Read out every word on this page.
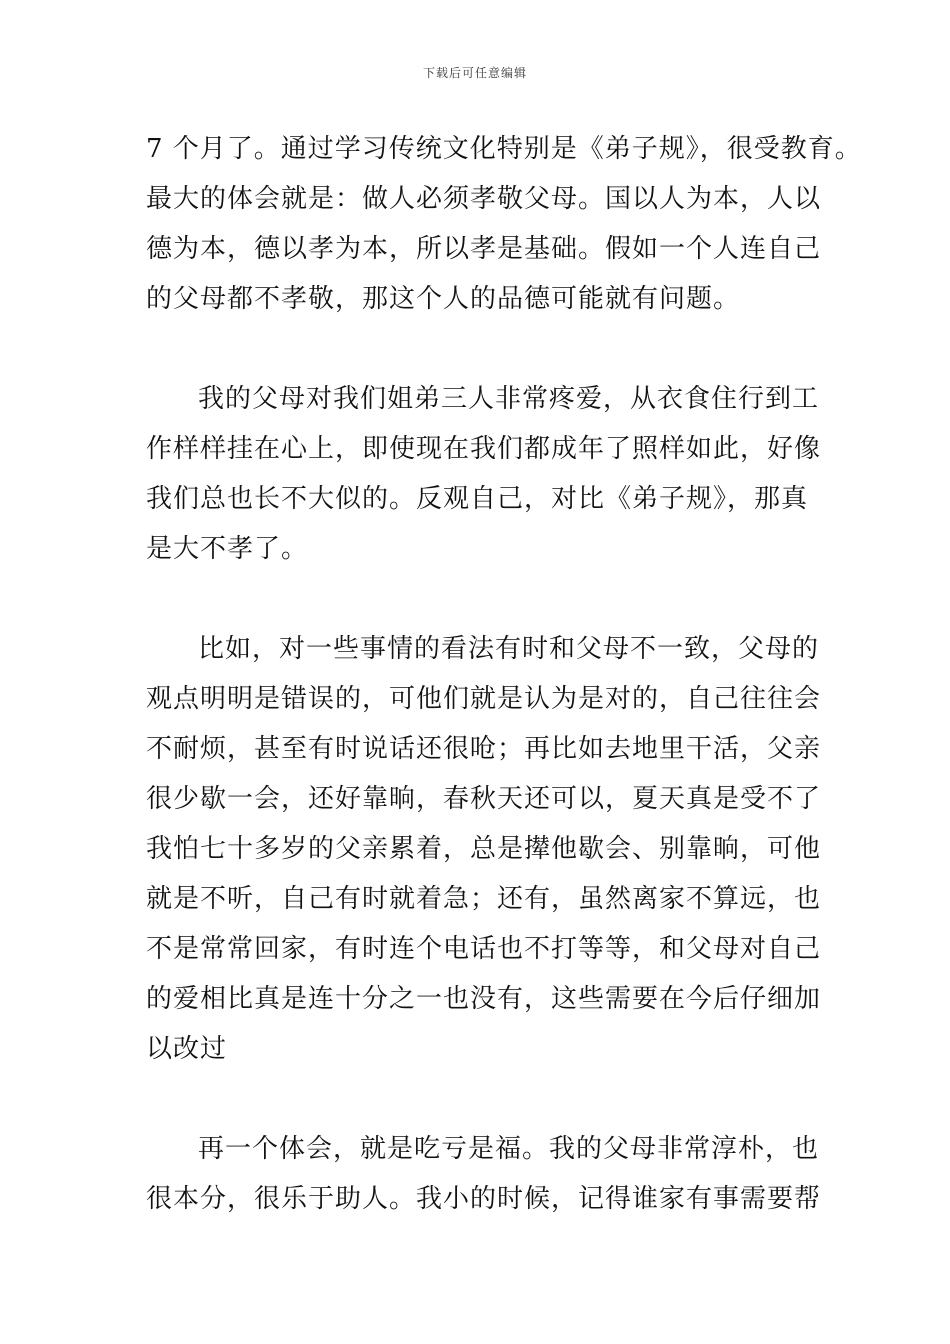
下载后可任意编辑
7 个月了。通过学习传统文化特别是《弟子规》，很受教育。
最大的体会就是：做人必须孝敬父母。国以人为本，人以
德为本，德以孝为本，所以孝是基础。假如一个人连自己
的父母都不孝敬，那这个人的品德可能就有问题。
我的父母对我们姐弟三人非常疼爱，从衣食住行到工
作样样挂在心上，即使现在我们都成年了照样如此，好像
我们总也长不大似的。反观自己，对比《弟子规》，那真
是大不孝了。
比如，对一些事情的看法有时和父母不一致，父母的
观点明明是错误的，可他们就是认为是对的，自己往往会
不耐烦，甚至有时说话还很呛；再比如去地里干活，父亲
很少歇一会，还好靠晌，春秋天还可以，夏天真是受不了
我怕七十多岁的父亲累着，总是撵他歇会、别靠晌，可他
就是不听，自己有时就着急；还有，虽然离家不算远，也
不是常常回家，有时连个电话也不打等等，和父母对自己
的爱相比真是连十分之一也没有，这些需要在今后仔细加
以改过
再一个体会，就是吃亏是福。我的父母非常淳朴，也
很本分，很乐于助人。我小的时候，记得谁家有事需要帮
